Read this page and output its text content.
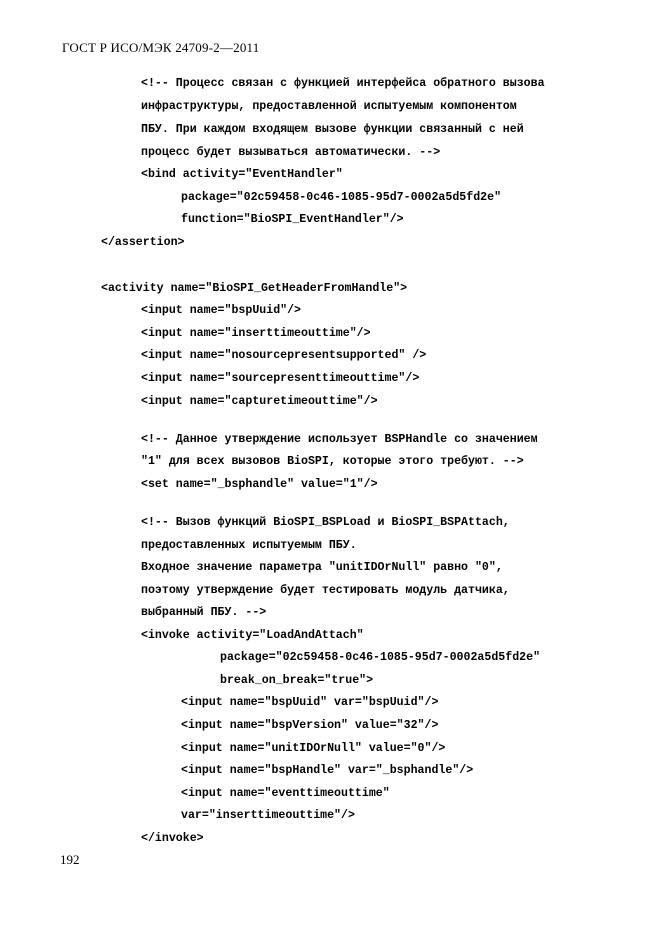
ГОСТ Р ИСО/МЭК 24709-2—2011
<!-- Процесс связан с функцией интерфейса обратного вызова
инфраструктуры, предоставленной испытуемым компонентом
ПБУ. При каждом входящем вызове функции связанный с ней
процесс будет вызываться автоматически. -->
<bind activity="EventHandler"
package="02c59458-0c46-1085-95d7-0002a5d5fd2e"
function="BioSPI_EventHandler"/>
</assertion>
<activity name="BioSPI_GetHeaderFromHandle">
<input name="bspUuid"/>
<input name="inserttimeouttime"/>
<input name="nosourcepresentsupported" />
<input name="sourcepresenttimeouttime"/>
<input name="capturetimeouttime"/>
<!-- Данное утверждение использует BSPHandle со значением
"1" для всех вызовов BioSPI, которые этого требуют. -->
<set name="_bsphandle" value="1"/>
<!-- Вызов функций BioSPI_BSPLoad и BioSPI_BSPAttach,
предоставленных испытуемым ПБУ.
Входное значение параметра "unitIDOrNull" равно "0",
поэтому утверждение будет тестировать модуль датчика,
выбранный ПБУ. -->
<invoke activity="LoadAndAttach"
package="02c59458-0c46-1085-95d7-0002a5d5fd2e"
break_on_break="true">
<input name="bspUuid" var="bspUuid"/>
<input name="bspVersion" value="32"/>
<input name="unitIDOrNull" value="0"/>
<input name="bspHandle" var="_bsphandle"/>
<input name="eventtimeouttime"
var="inserttimeouttime"/>
</invoke>
192
